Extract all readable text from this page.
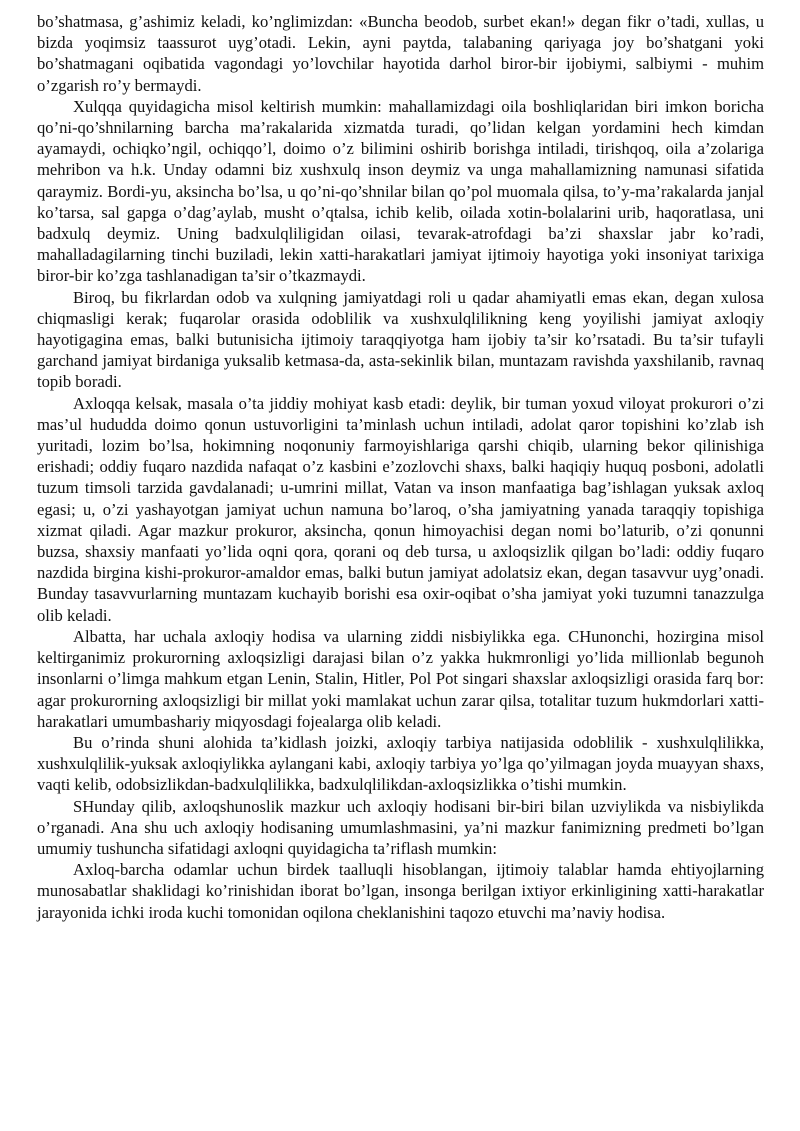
bo’shatmasa, g’ashimiz keladi, ko’nglimizdan: «Buncha beodob, surbet ekan!» degan fikr o’tadi, xullas, u bizda yoqimsiz taassurot uyg’otadi. Lekin, ayni paytda, talabaning qariyaga joy bo’shatgani yoki bo’shatmagani oqibatida vagondagi yo’lovchilar hayotida darhol biror-bir ijobiymi, salbiymi - muhim o’zgarish ro’y bermaydi.

Xulqqa quyidagicha misol keltirish mumkin: mahallamizdagi oila boshliqlaridan biri imkon boricha qo’ni-qo’shnilarning barcha ma’rakalarida xizmatda turadi, qo’lidan kelgan yordamini hech kimdan ayamaydi, ochiqko’ngil, ochiqqo’l, doimo o’z bilimini oshirib borishga intiladi, tirishqoq, oila a’zolariga mehribon va h.k. Unday odamni biz xushxulq inson deymiz va unga mahallamizning namunasi sifatida qaraymiz. Bordi-yu, aksincha bo’lsa, u qo’ni-qo’shnilar bilan qo’pol muomala qilsa, to’y-ma’rakalarda janjal ko’tarsa, sal gapga o’dag’aylab, musht o’qtalsa, ichib kelib, oilada xotin-bolalarini urib, haqoratlasa, uni badxulq deymiz. Uning badxulqliligidan oilasi, tevarak-atrofdagi ba’zi shaxslar jabr ko’radi, mahalladagilarning tinchi buziladi, lekin xatti-harakatlari jamiyat ijtimoiy hayotiga yoki insoniyat tarixiga biror-bir ko’zga tashlanadigan ta’sir o’tkazmaydi.

Biroq, bu fikrlardan odob va xulqning jamiyatdagi roli u qadar ahamiyatli emas ekan, degan xulosa chiqmasligi kerak; fuqarolar orasida odoblilik va xushxulqlilikning keng yoyilishi jamiyat axloqiy hayotigagina emas, balki butunisicha ijtimoiy taraqqiyotga ham ijobiy ta’sir ko’rsatadi. Bu ta’sir tufayli garchand jamiyat birdaniga yuksalib ketmasa-da, asta-sekinlik bilan, muntazam ravishda yaxshilanib, ravnaq topib boradi.

Axloqqa kelsak, masala o’ta jiddiy mohiyat kasb etadi: deylik, bir tuman yoxud viloyat prokurori o’zi mas’ul hududda doimo qonun ustuvorligini ta’minlash uchun intiladi, adolat qaror topishini ko’zlab ish yuritadi, lozim bo’lsa, hokimning noqonuniy farmoyishlariga qarshi chiqib, ularning bekor qilinishiga erishadi; oddiy fuqaro nazdida nafaqat o’z kasbini e’zozlovchi shaxs, balki haqiqiy huquq posboni, adolatli tuzum timsoli tarzida gavdalanadi; u-umrini millat, Vatan va inson manfaatiga bag’ishlagan yuksak axloq egasi; u, o’zi yashayotgan jamiyat uchun namuna bo’laroq, o’sha jamiyatning yanada taraqqiy topishiga xizmat qiladi. Agar mazkur prokuror, aksincha, qonun himoyachisi degan nomi bo’laturib, o’zi qonunni buzsa, shaxsiy manfaati yo’lida oqni qora, qorani oq deb tursa, u axloqsizlik qilgan bo’ladi: oddiy fuqaro nazdida birgina kishi-prokuror-amaldor emas, balki butun jamiyat adolatsiz ekan, degan tasavvur uyg’onadi. Bunday tasavvurlarning muntazam kuchayib borishi esa oxir-oqibat o’sha jamiyat yoki tuzumni tanazzulga olib keladi.

Albatta, har uchala axloqiy hodisa va ularning ziddi nisbiylikka ega. CHunonchi, hozirgina misol keltirganimiz prokurorning axloqsizligi darajasi bilan o’z yakka hukmronligi yo’lida millionlab begunoh insonlarni o’limga mahkum etgan Lenin, Stalin, Hitler, Pol Pot singari shaxslar axloqsizligi orasida farq bor: agar prokurorning axloqsizligi bir millat yoki mamlakat uchun zarar qilsa, totalitar tuzum hukmdorlari xatti-harakatlari umumbashariy miqyosdagi fojealarga olib keladi.

Bu o’rinda shuni alohida ta’kidlash joizki, axloqiy tarbiya natijasida odoblilik - xushxulqlilikka, xushxulqlilik-yuksak axloqiylikka aylangani kabi, axloqiy tarbiya yo’lga qo’yilmagan joyda muayyan shaxs, vaqti kelib, odobsizlikdan-badxulqlilikka, badxulqlilikdan-axloqsizlikka o’tishi mumkin.

SHunday qilib, axloqshunoslik mazkur uch axloqiy hodisani bir-biri bilan uzviylikda va nisbiylikda o’rganadi. Ana shu uch axloqiy hodisaning umumlashmasini, ya’ni mazkur fanimizning predmeti bo’lgan umumiy tushuncha sifatidagi axloqni quyidagicha ta’riflash mumkin:

Axloq-barcha odamlar uchun birdek taalluqli hisoblangan, ijtimoiy talablar hamda ehtiyojlarning munosabatlar shaklidagi ko’rinishidan iborat bo’lgan, insonga berilgan ixtiyor erkinligining xatti-harakatlar jarayonida ichki iroda kuchi tomonidan oqilona cheklanishini taqozo etuvchi ma’naviy hodisa.
